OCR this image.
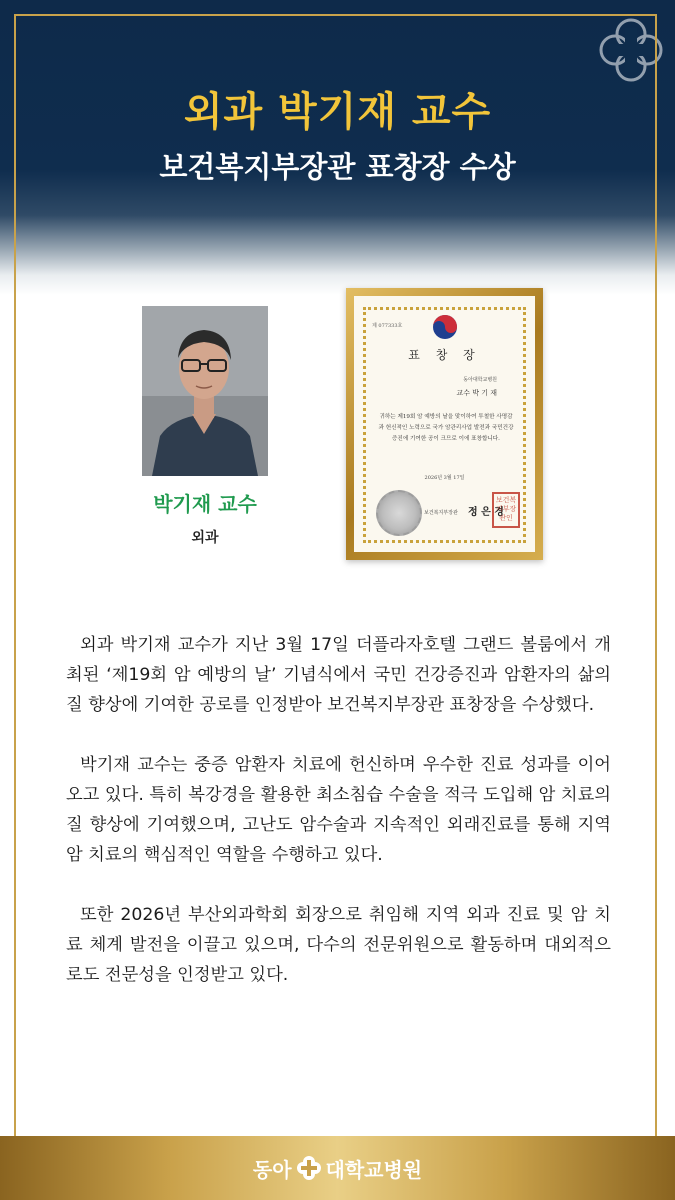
외과 박기재 교수
보건복지부장관 표창장 수상
박기재 교수
외과
제 077333호
표 창 장
동아대학교병원
교수 박 기 재
귀하는 제19회 암 예방의 날을 맞이하여 투철한 사명감과 헌신적인 노력으로 국가 암관리사업 발전과 국민건강증진에 기여한 공이 크므로 이에 표창합니다.
2026년 3월 17일
보건복지부장관 정 은 경
보건복지부장관인

외과 박기재 교수가 지난 3월 17일 더플라자호텔 그랜드 볼룸에서 개최된 ‘제19회 암 예방의 날’ 기념식에서 국민 건강증진과 암환자의 삶의 질 향상에 기여한 공로를 인정받아 보건복지부장관 표창장을 수상했다.

박기재 교수는 중증 암환자 치료에 헌신하며 우수한 진료 성과를 이어오고 있다. 특히 복강경을 활용한 최소침습 수술을 적극 도입해 암 치료의 질 향상에 기여했으며, 고난도 암수술과 지속적인 외래진료를 통해 지역 암 치료의 핵심적인 역할을 수행하고 있다.

또한 2026년 부산외과학회 회장으로 취임해 지역 외과 진료 및 암 치료 체계 발전을 이끌고 있으며, 다수의 전문위원으로 활동하며 대외적으로도 전문성을 인정받고 있다.

동아 대학교병원
